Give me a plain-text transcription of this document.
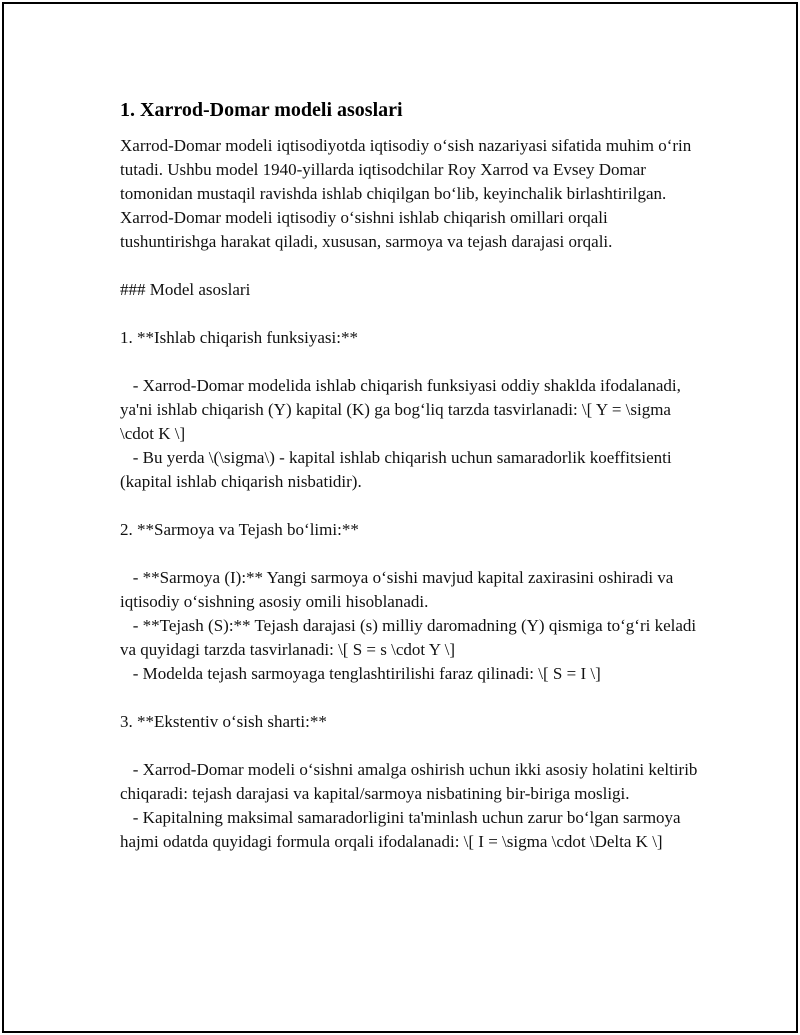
1. Xarrod-Domar modeli asoslari

Xarrod-Domar modeli iqtisodiyotda iqtisodiy oʻsish nazariyasi sifatida muhim oʻrin tutadi. Ushbu model 1940-yillarda iqtisodchilar Roy Xarrod va Evsey Domar tomonidan mustaqil ravishda ishlab chiqilgan boʻlib, keyinchalik birlashtirilgan. Xarrod-Domar modeli iqtisodiy oʻsishni ishlab chiqarish omillari orqali tushuntirishga harakat qiladi, xususan, sarmoya va tejash darajasi orqali.

### Model asoslari

1. **Ishlab chiqarish funksiyasi:**

- Xarrod-Domar modelida ishlab chiqarish funksiyasi oddiy shaklda ifodalanadi, ya'ni ishlab chiqarish (Y) kapital (K) ga bogʻliq tarzda tasvirlanadi: \[ Y = \sigma \cdot K \]
- Bu yerda \(\sigma\) - kapital ishlab chiqarish uchun samaradorlik koeffitsienti (kapital ishlab chiqarish nisbatidir).

2. **Sarmoya va Tejash boʻlimi:**

- **Sarmoya (I):** Yangi sarmoya oʻsishi mavjud kapital zaxirasini oshiradi va iqtisodiy oʻsishning asosiy omili hisoblanadi.
- **Tejash (S):** Tejash darajasi (s) milliy daromadning (Y) qismiga toʻgʻri keladi va quyidagi tarzda tasvirlanadi: \[ S = s \cdot Y \]
- Modelda tejash sarmoyaga tenglashtirilishi faraz qilinadi: \[ S = I \]

3. **Ekstentiv oʻsish sharti:**

- Xarrod-Domar modeli oʻsishni amalga oshirish uchun ikki asosiy holatini keltirib chiqaradi: tejash darajasi va kapital/sarmoya nisbatining bir-biriga mosligi.
- Kapitalning maksimal samaradorligini ta'minlash uchun zarur boʻlgan sarmoya hajmi odatda quyidagi formula orqali ifodalanadi: \[ I = \sigma \cdot \Delta K \]
